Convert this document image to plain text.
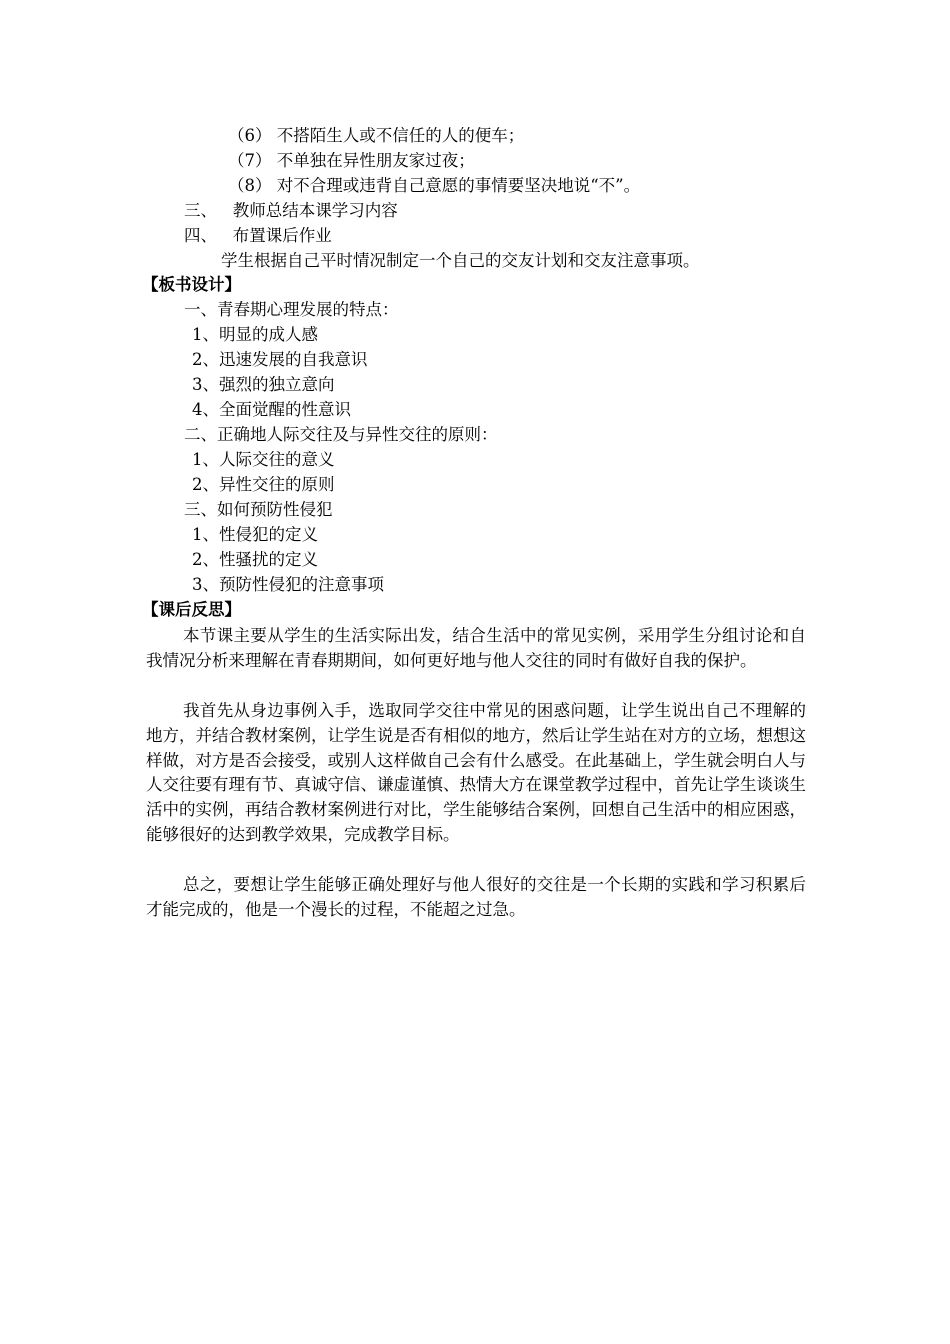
（6） 不搭陌生人或不信任的人的便车；
（7） 不单独在异性朋友家过夜；
（8） 对不合理或违背自己意愿的事情要坚决地说“不”。
三、   教师总结本课学习内容
四、   布置课后作业
学生根据自己平时情况制定一个自己的交友计划和交友注意事项。
【板书设计】
一、青春期心理发展的特点：
1、明显的成人感
2、迅速发展的自我意识
3、强烈的独立意向
4、全面觉醒的性意识
二、正确地人际交往及与异性交往的原则：
1、人际交往的意义
2、异性交往的原则
三、如何预防性侵犯
1、性侵犯的定义
2、性骚扰的定义
3、预防性侵犯的注意事项
【课后反思】
本节课主要从学生的生活实际出发，结合生活中的常见实例，采用学生分组讨论和自我情况分析来理解在青春期期间，如何更好地与他人交往的同时有做好自我的保护。
我首先从身边事例入手，选取同学交往中常见的困惑问题，让学生说出自己不理解的地方，并结合教材案例，让学生说是否有相似的地方，然后让学生站在对方的立场，想想这样做，对方是否会接受，或别人这样做自己会有什么感受。在此基础上，学生就会明白人与人交往要有理有节、真诚守信、谦虚谨慎、热情大方在课堂教学过程中，首先让学生谈谈生活中的实例，再结合教材案例进行对比，学生能够结合案例，回想自己生活中的相应困惑，能够很好的达到教学效果，完成教学目标。
总之，要想让学生能够正确处理好与他人很好的交往是一个长期的实践和学习积累后才能完成的，他是一个漫长的过程，不能超之过急。
